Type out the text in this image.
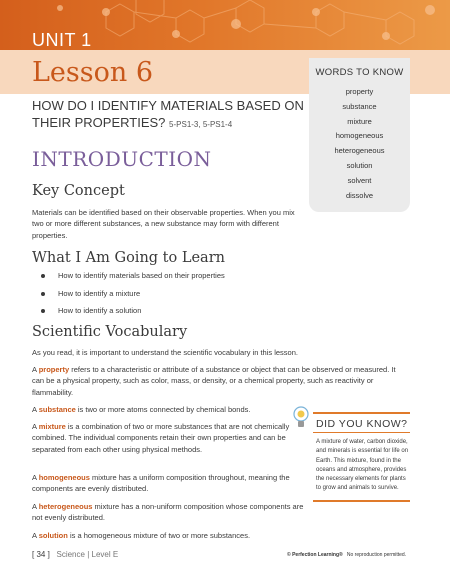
UNIT 1
Lesson 6
HOW DO I IDENTIFY MATERIALS BASED ON THEIR PROPERTIES? 5-PS1-3, 5-PS1-4
WORDS TO KNOW
property
substance
mixture
homogeneous
heterogeneous
solution
solvent
dissolve
INTRODUCTION
Key Concept
Materials can be identified based on their observable properties. When you mix two or more different substances, a new substance may form with different properties.
What I Am Going to Learn
How to identify materials based on their properties
How to identify a mixture
How to identify a solution
Scientific Vocabulary
As you read, it is important to understand the scientific vocabulary in this lesson.
A property refers to a characteristic or attribute of a substance or object that can be observed or measured. It can be a physical property, such as color, mass, or density, or a chemical property, such as reactivity or flammability.
A substance is two or more atoms connected by chemical bonds.
A mixture is a combination of two or more substances that are not chemically combined. The individual components retain their own properties and can be separated from each other using physical methods.
A homogeneous mixture has a uniform composition throughout, meaning the components are evenly distributed.
A heterogeneous mixture has a non-uniform composition whose components are not evenly distributed.
A solution is a homogeneous mixture of two or more substances.
DID YOU KNOW?
A mixture of water, carbon dioxide, and minerals is essential for life on Earth. This mixture, found in the oceans and atmosphere, provides the necessary elements for plants to grow and animals to survive.
[ 34 ]   Science | Level E	© Perfection Learning® No reproduction permitted.
